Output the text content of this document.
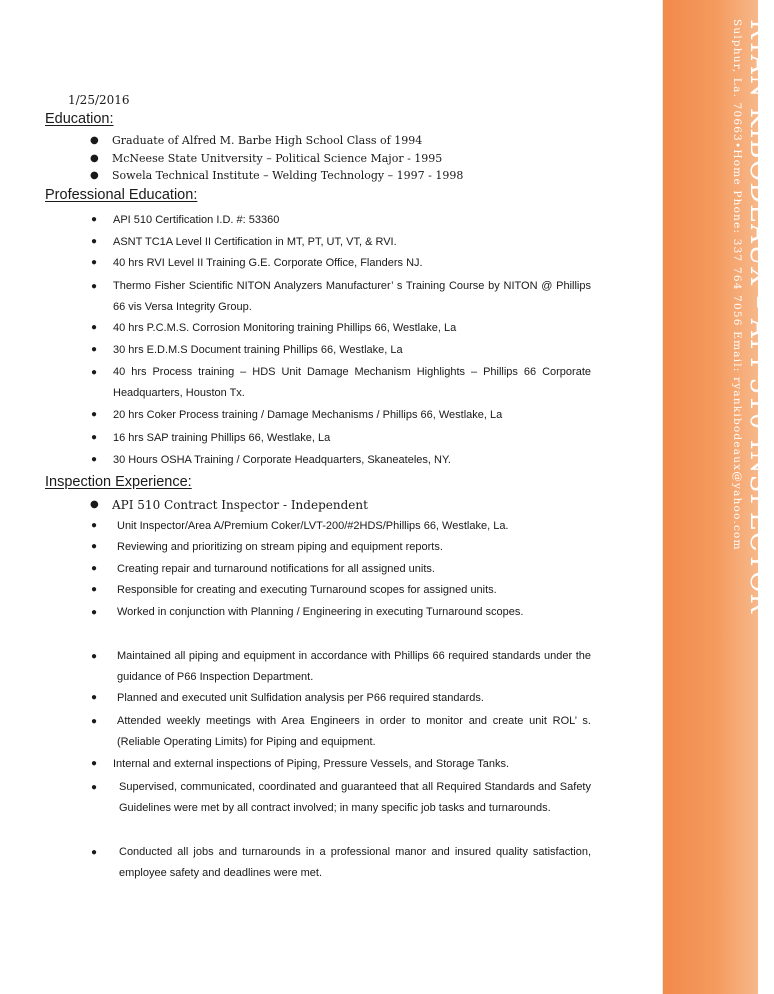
RYAN KIBODEAUX – API 510 INSPECTOR
Sulphur, La. 70663•Home Phone: 337 764 7056 Email: ryankibodeaux@yahoo.com
1/25/2016
Education:
● Graduate of Alfred M. Barbe High School Class of 1994
● McNeese State Unitversity – Political Science Major - 1995
● Sowela Technical Institute – Welding Technology – 1997 - 1998
Professional Education:
● API 510 Certification I.D. #: 53360
● ASNT TC1A Level II Certification in MT, PT, UT, VT, & RVI.
● 40 hrs RVI Level II Training G.E. Corporate Office, Flanders NJ.
● Thermo Fisher Scientific NITON Analyzers Manufacturer’ s Training Course by NITON @ Phillips 66 vis Versa Integrity Group.
● 40 hrs P.C.M.S. Corrosion Monitoring training Phillips 66, Westlake, La
● 30 hrs E.D.M.S Document training Phillips 66, Westlake, La
● 40 hrs Process training – HDS Unit Damage Mechanism Highlights – Phillips 66 Corporate Headquarters, Houston Tx.
● 20 hrs Coker Process training / Damage Mechanisms / Phillips 66, Westlake, La
● 16 hrs SAP training Phillips 66, Westlake, La
● 30 Hours OSHA Training / Corporate Headquarters, Skaneateles, NY.
Inspection Experience:
● API 510 Contract Inspector - Independent
● Unit Inspector/Area A/Premium Coker/LVT-200/#2HDS/Phillips 66, Westlake, La.
● Reviewing and prioritizing on stream piping and equipment reports.
● Creating repair and turnaround notifications for all assigned units.
● Responsible for creating and executing Turnaround scopes for assigned units.
● Worked in conjunction with Planning / Engineering in executing Turnaround scopes.
● Maintained all piping and equipment in accordance with Phillips 66 required standards under the guidance of P66 Inspection Department.
● Planned and executed unit Sulfidation analysis per P66 required standards.
● Attended weekly meetings with Area Engineers in order to monitor and create unit ROL’ s. (Reliable Operating Limits) for Piping and equipment.
● Internal and external inspections of Piping, Pressure Vessels, and Storage Tanks.
● Supervised, communicated, coordinated and guaranteed that all Required Standards and Safety Guidelines were met by all contract involved; in many specific job tasks and turnarounds.
● Conducted all jobs and turnarounds in a professional manor and insured quality satisfaction, employee safety and deadlines were met.
